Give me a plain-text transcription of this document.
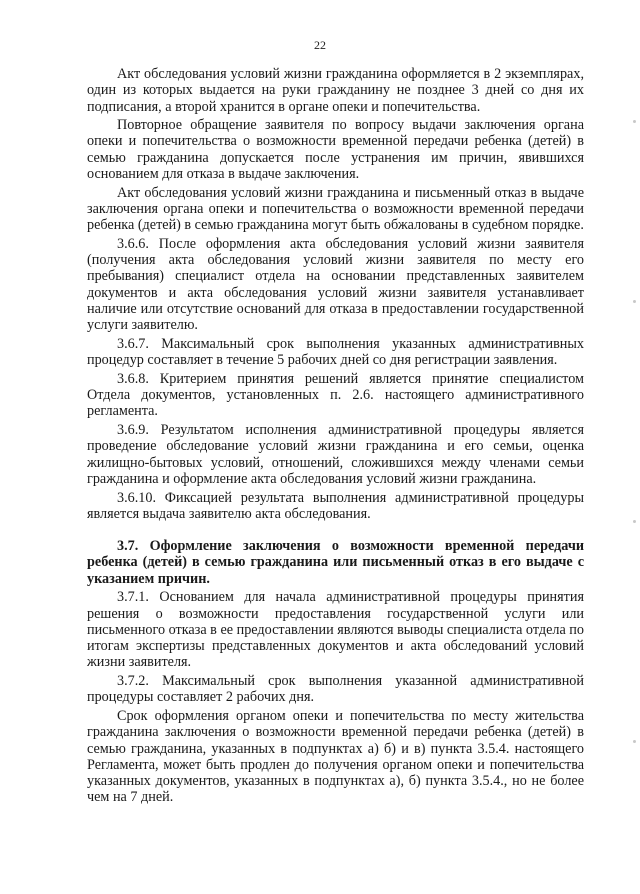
22

Акт обследования условий жизни гражданина оформляется в 2 экземплярах, один из которых выдается на руки гражданину не позднее 3 дней со дня их подписания, а второй хранится в органе опеки и попечительства.

Повторное обращение заявителя по вопросу выдачи заключения органа опеки и попечительства о возможности временной передачи ребенка (детей) в семью гражданина допускается после устранения им причин, явившихся основанием для отказа в выдаче заключения.

Акт обследования условий жизни гражданина и письменный отказ в выдаче заключения органа опеки и попечительства о возможности временной передачи ребенка (детей) в семью гражданина могут быть обжалованы в судебном порядке.

3.6.6. После оформления акта обследования условий жизни заявителя (получения акта обследования условий жизни заявителя по месту его пребывания) специалист отдела на основании представленных заявителем документов и акта обследования условий жизни заявителя устанавливает наличие или отсутствие оснований для отказа в предоставлении государственной услуги заявителю.

3.6.7. Максимальный срок выполнения указанных административных процедур составляет в течение 5 рабочих дней со дня регистрации заявления.

3.6.8. Критерием принятия решений является принятие специалистом Отдела документов, установленных п. 2.6. настоящего административного регламента.

3.6.9. Результатом исполнения административной процедуры является проведение обследование условий жизни гражданина и его семьи, оценка жилищно-бытовых условий, отношений, сложившихся между членами семьи гражданина и оформление акта обследования условий жизни гражданина.

3.6.10. Фиксацией результата выполнения административной процедуры является выдача заявителю акта обследования.

3.7. Оформление заключения о возможности временной передачи ребенка (детей) в семью гражданина или письменный отказ в его выдаче с указанием причин.

3.7.1. Основанием для начала административной процедуры принятия решения о возможности предоставления государственной услуги или письменного отказа в ее предоставлении являются выводы специалиста отдела по итогам экспертизы представленных документов и акта обследований условий жизни заявителя.

3.7.2. Максимальный срок выполнения указанной административной процедуры составляет 2 рабочих дня.

Срок оформления органом опеки и попечительства по месту жительства гражданина заключения о возможности временной передачи ребенка (детей) в семью гражданина, указанных в подпунктах а) б) и в) пункта 3.5.4. настоящего Регламента, может быть продлен до получения органом опеки и попечительства указанных документов, указанных в подпунктах а), б) пункта 3.5.4., но не более чем на 7 дней.
